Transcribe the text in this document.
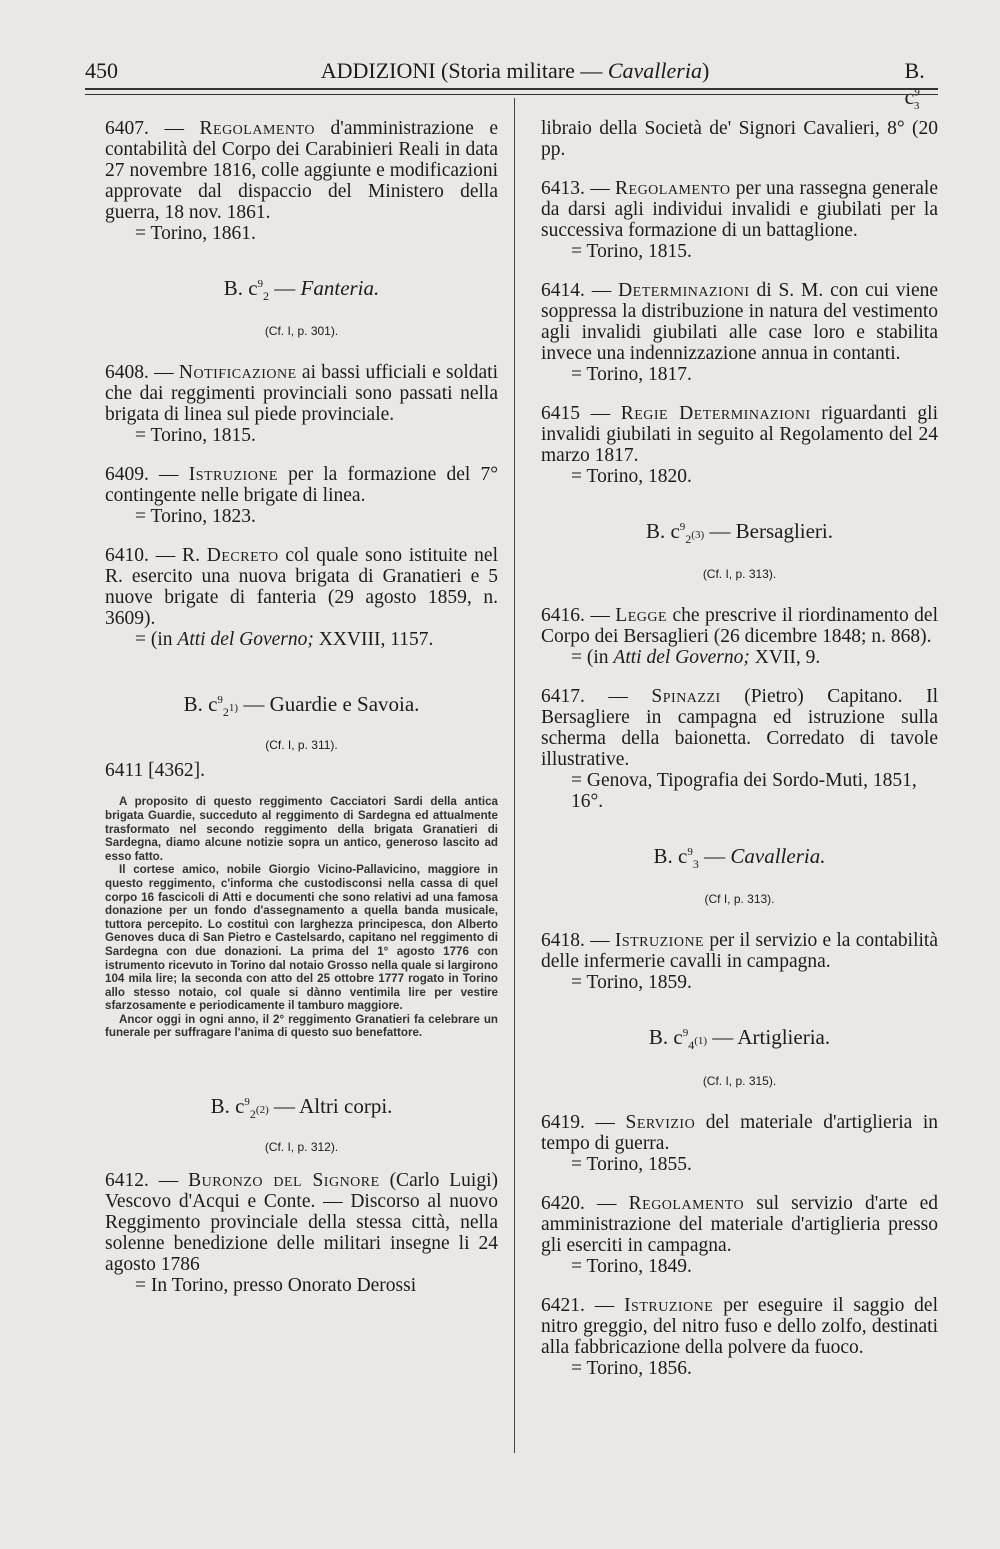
450	ADDIZIONI (Storia militare — Cavalleria)	B. $c^9_3$
6407. — Regolamento d'amministrazione e contabilità del Corpo dei Carabinieri Reali in data 27 novembre 1816, colle aggiunte e modificazioni approvate dal dispaccio del Ministero della guerra, 18 nov. 1861.
= Torino, 1861.
B. $c^9_2$ — Fanteria.
(Cf. I, p. 301).
6408. — Notificazione ai bassi ufficiali e soldati che dai reggimenti provinciali sono passati nella brigata di linea sul piede provinciale.
= Torino, 1815.
6409. — Istruzione per la formazione del 7° contingente nelle brigate di linea.
= Torino, 1823.
6410. — R. Decreto col quale sono istituite nel R. esercito una nuova brigata di Granatieri e 5 nuove brigate di fanteria (29 agosto 1859, n. 3609).
= (in Atti del Governo; XXVIII, 1157.
B. $c^9_21$) — Guardie e Savoia.
(Cf. I, p. 311).
6411 [4362].

A proposito di questo reggimento Cacciatori Sardi della antica brigata Guardie, succeduto al reggimento di Sardegna ed attualmente trasformato nel secondo reggimento della brigata Granatieri di Sardegna, diamo alcune notizie sopra un antico, generoso lascito ad esso fatto.

Il cortese amico, nobile Giorgio Vicino-Pallavicino, maggiore in questo reggimento, c'informa che custodisconsi nella cassa di quel corpo 16 fascicoli di Atti e documenti che sono relativi ad una famosa donazione per un fondo d'assegnamento a quella banda musicale, tuttora percepito. Lo costituì con larghezza principesca, don Alberto Genoves duca di San Pietro e Castelsardo, capitano nel reggimento di Sardegna con due donazioni. La prima del 1° agosto 1776 con istrumento ricevuto in Torino dal notaio Grosso nella quale si largirono 104 mila lire; la seconda con atto del 25 ottobre 1777 rogato in Torino allo stesso notaio, col quale si dànno ventimila lire per vestire sfarzosamente e periodicamente il tamburo maggiore.

Ancor oggi in ogni anno, il 2° reggimento Granatieri fa celebrare un funerale per suffragare l'anima di questo suo benefattore.

B. $c^9_2(2)$ — Altri corpi.
(Cf. I, p. 312).
6412. — Buronzo del Signore (Carlo Luigi) Vescovo d'Acqui e Conte. — Discorso al nuovo Reggimento provinciale della stessa città, nella solenne benedizione delle militari insegne li 24 agosto 1786
= In Torino, presso Onorato Derossi
libraio della Società de' Signori Cavalieri, 8° (20 pp.
6413. — Regolamento per una rassegna generale da darsi agli individui invalidi e giubilati per la successiva formazione di un battaglione.
= Torino, 1815.
6414. — Determinazioni di S. M. con cui viene soppressa la distribuzione in natura del vestimento agli invalidi giubilati alle case loro e stabilita invece una indennizzazione annua in contanti.
= Torino, 1817.
6415 — Regie Determinazioni riguardanti gli invalidi giubilati in seguito al Regolamento del 24 marzo 1817.
= Torino, 1820.
B. $c^9_2(3)$ — Bersaglieri.
(Cf. I, p. 313).
6416. — Legge che prescrive il riordinamento del Corpo dei Bersaglieri (26 dicembre 1848; n. 868).
= (in Atti del Governo; XVII, 9.
6417. — Spinazzi (Pietro) Capitano. Il Bersagliere in campagna ed istruzione sulla scherma della baionetta. Corredato di tavole illustrative.
= Genova, Tipografia dei Sordo-Muti, 1851, 16°.
B. $c^9_3$ — Cavalleria.
(Cf I, p. 313).
6418. — Istruzione per il servizio e la contabilità delle infermerie cavalli in campagna.
= Torino, 1859.
B. $c^9_4(1)$ — Artiglieria.
(Cf. I, p. 315).
6419. — Servizio del materiale d'artiglieria in tempo di guerra.
= Torino, 1855.
6420. — Regolamento sul servizio d'arte ed amministrazione del materiale d'artiglieria presso gli eserciti in campagna.
= Torino, 1849.
6421. — Istruzione per eseguire il saggio del nitro greggio, del nitro fuso e dello zolfo, destinati alla fabbricazione della polvere da fuoco.
= Torino, 1856.
